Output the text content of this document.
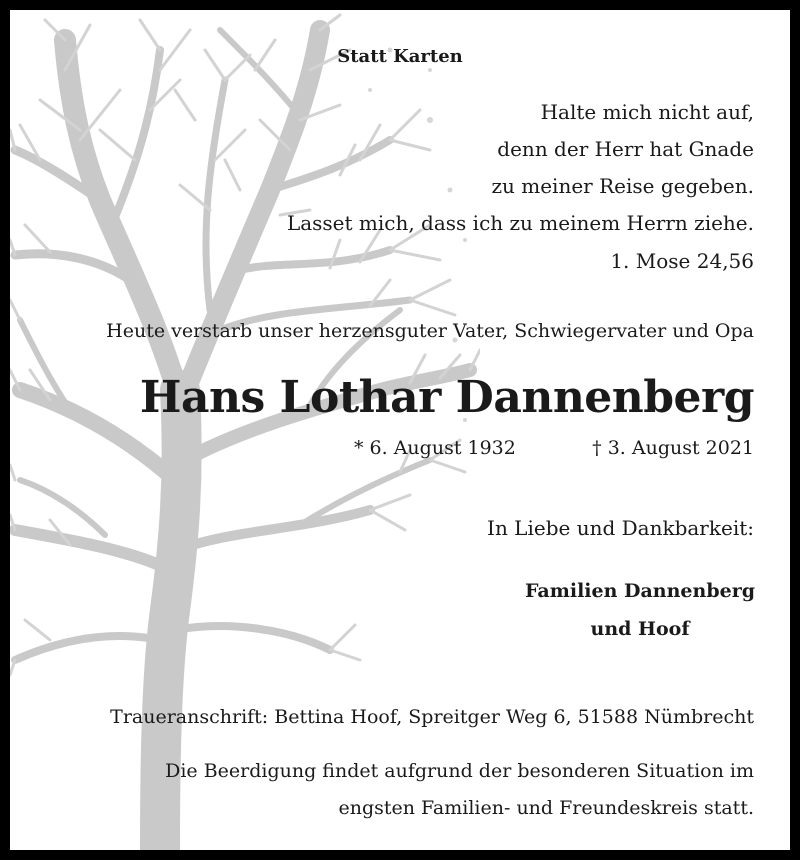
Statt Karten

Halte mich nicht auf,

denn der Herr hat Gnade

zu meiner Reise gegeben.

Lasset mich, dass ich zu meinem Herrn ziehe.

1. Mose 24,56

Heute verstarb unser herzensguter Vater, Schwiegervater und Opa

Hans Lothar Dannenberg

* 6. August 1932	† 3. August 2021

In Liebe und Dankbarkeit:

Familien Dannenberg

und Hoof

Traueranschrift: Bettina Hoof, Spreitger Weg 6, 51588 Nümbrecht

Die Beerdigung findet aufgrund der besonderen Situation im

engsten Familien- und Freundeskreis statt.
